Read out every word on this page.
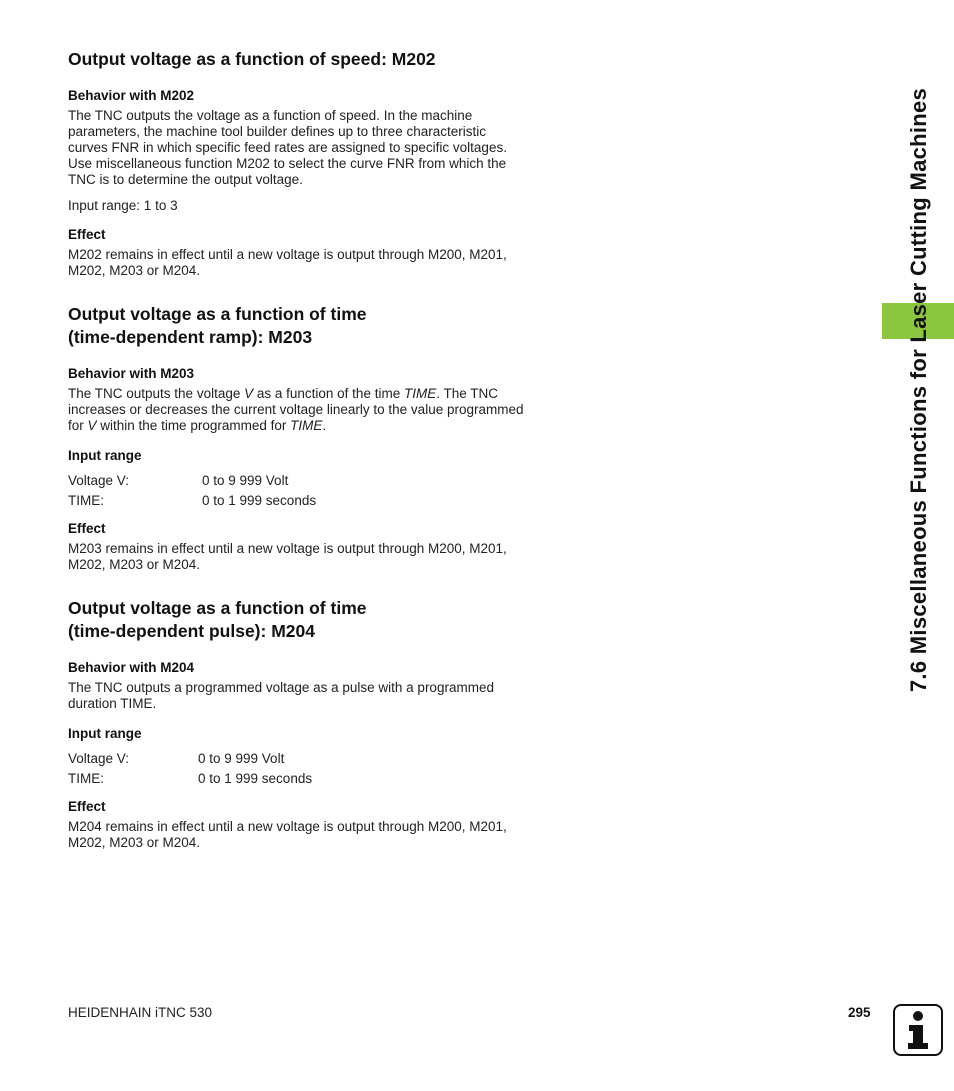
Output voltage as a function of speed: M202
Behavior with M202

The TNC outputs the voltage as a function of speed. In the machine parameters, the machine tool builder defines up to three characteristic curves FNR in which specific feed rates are assigned to specific voltages. Use miscellaneous function M202 to select the curve FNR from which the TNC is to determine the output voltage.

Input range: 1 to 3

Effect

M202 remains in effect until a new voltage is output through M200, M201, M202, M203 or M204.

Output voltage as a function of time
(time-dependent ramp): M203
Behavior with M203

The TNC outputs the voltage V as a function of the time TIME. The TNC increases or decreases the current voltage linearly to the value programmed for V within the time programmed for TIME.

Input range
Voltage V:	0 to 9 999 Volt
TIME:	0 to 1 999 seconds
Effect

M203 remains in effect until a new voltage is output through M200, M201, M202, M203 or M204.

Output voltage as a function of time
(time-dependent pulse): M204
Behavior with M204

The TNC outputs a programmed voltage as a pulse with a programmed duration TIME.

Input range
Voltage V:	0 to 9 999 Volt
TIME:	0 to 1 999 seconds
Effect

M204 remains in effect until a new voltage is output through M200, M201, M202, M203 or M204.

7.6 Miscellaneous Functions for Laser Cutting Machines
HEIDENHAIN iTNC 530	295
